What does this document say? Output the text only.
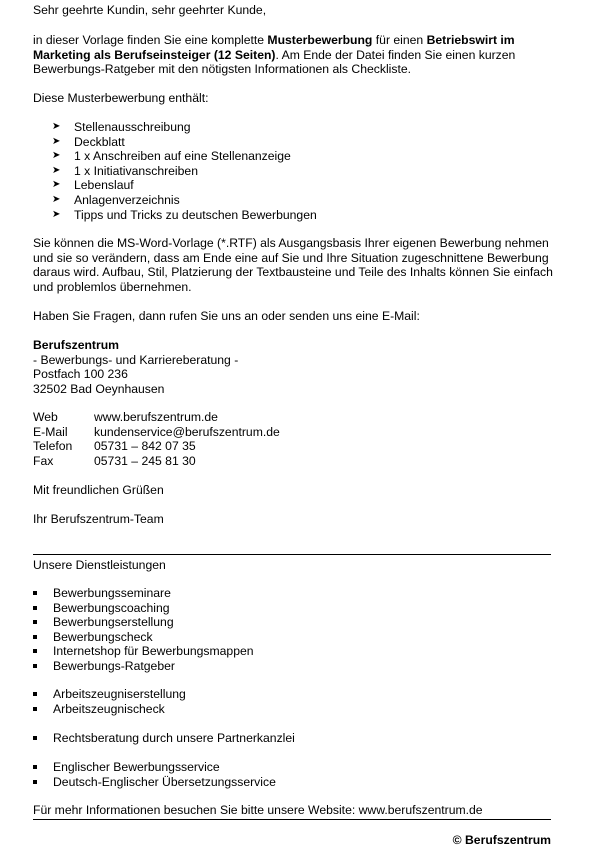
Sehr geehrte Kundin, sehr geehrter Kunde,

in dieser Vorlage finden Sie eine komplette Musterbewerbung für einen Betriebswirt im Marketing als Berufseinsteiger (12 Seiten). Am Ende der Datei finden Sie einen kurzen Bewerbungs-Ratgeber mit den nötigsten Informationen als Checkliste.

Diese Musterbewerbung enthält:

➤ Stellenausschreibung
➤ Deckblatt
➤ 1 x Anschreiben auf eine Stellenanzeige
➤ 1 x Initiativanschreiben
➤ Lebenslauf
➤ Anlagenverzeichnis
➤ Tipps und Tricks zu deutschen Bewerbungen

Sie können die MS-Word-Vorlage (*.RTF) als Ausgangsbasis Ihrer eigenen Bewerbung nehmen und sie so verändern, dass am Ende eine auf Sie und Ihre Situation zugeschnittene Bewerbung daraus wird. Aufbau, Stil, Platzierung der Textbausteine und Teile des Inhalts können Sie einfach und problemlos übernehmen.

Haben Sie Fragen, dann rufen Sie uns an oder senden uns eine E-Mail:

Berufszentrum

- Bewerbungs- und Karriereberatung -

Postfach 100 236

32502 Bad Oeynhausen

Web	www.berufszentrum.de
E-Mail	kundenservice@berufszentrum.de
Telefon	05731 – 842 07 35
Fax	05731 – 245 81 30

Mit freundlichen Grüßen

Ihr Berufszentrum-Team

Unsere Dienstleistungen

Bewerbungsseminare
Bewerbungscoaching
Bewerbungserstellung
Bewerbungscheck
Internetshop für Bewerbungsmappen
Bewerbungs-Ratgeber
Arbeitszeugniserstellung
Arbeitszeugnischeck
Rechtsberatung durch unsere Partnerkanzlei
Englischer Bewerbungsservice
Deutsch-Englischer Übersetzungsservice

Für mehr Informationen besuchen Sie bitte unsere Website: www.berufszentrum.de

© Berufszentrum
